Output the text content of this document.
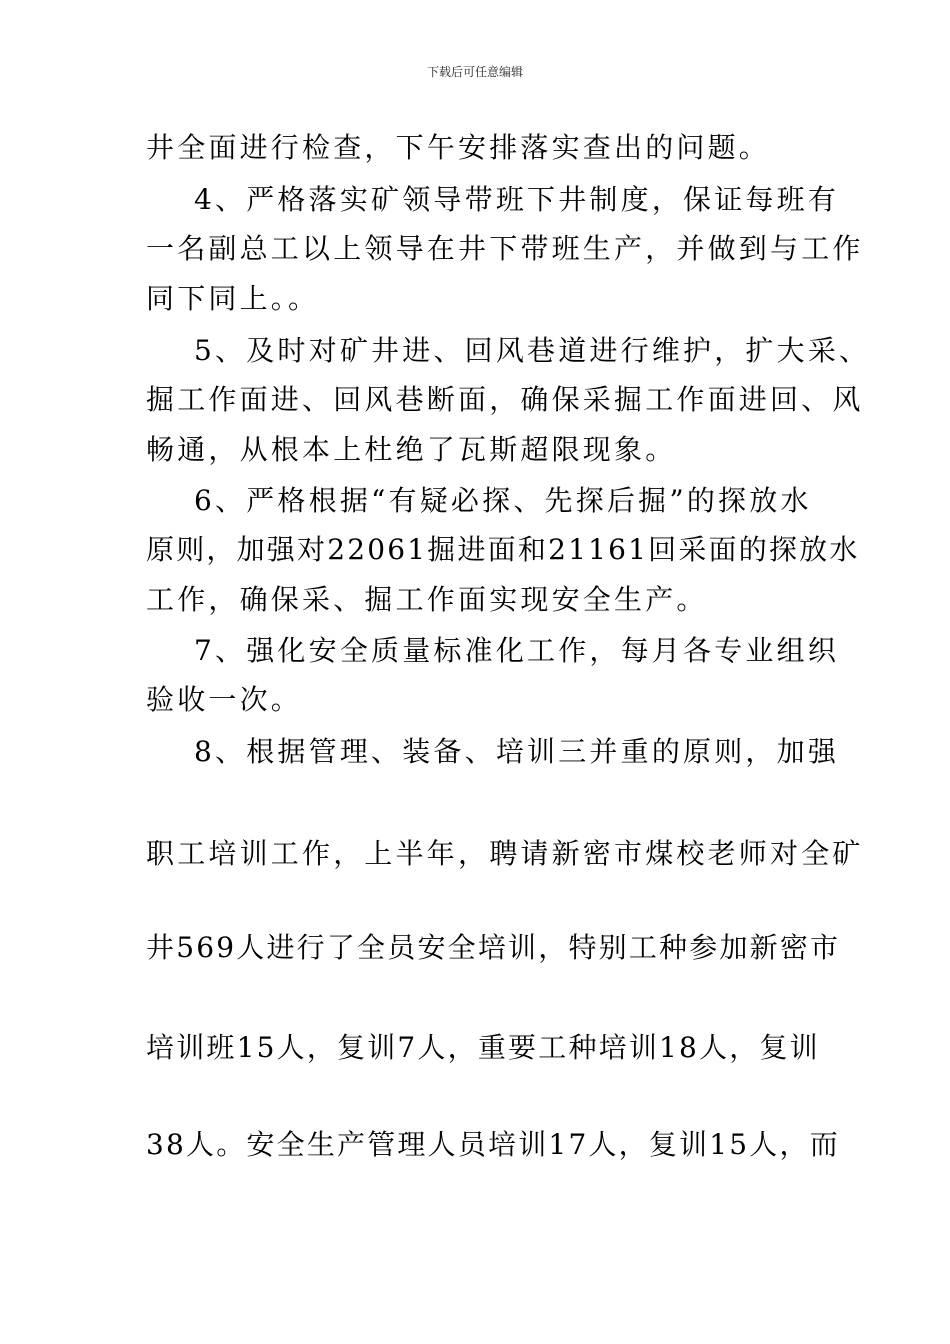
下载后可任意编辑
井全面进行检查，下午安排落实查出的问题。
4、严格落实矿领导带班下井制度，保证每班有
一名副总工以上领导在井下带班生产，并做到与工作
同下同上。。
5、及时对矿井进、回风巷道进行维护，扩大采、
掘工作面进、回风巷断面，确保采掘工作面进回、风
畅通，从根本上杜绝了瓦斯超限现象。
6、严格根据“有疑必探、先探后掘”的探放水
原则，加强对22061掘进面和21161回采面的探放水
工作，确保采、掘工作面实现安全生产。
7、强化安全质量标准化工作，每月各专业组织
验收一次。
8、根据管理、装备、培训三并重的原则，加强
职工培训工作，上半年，聘请新密市煤校老师对全矿
井569人进行了全员安全培训，特别工种参加新密市
培训班15人，复训7人，重要工种培训18人，复训
38人。安全生产管理人员培训17人，复训15人，而
